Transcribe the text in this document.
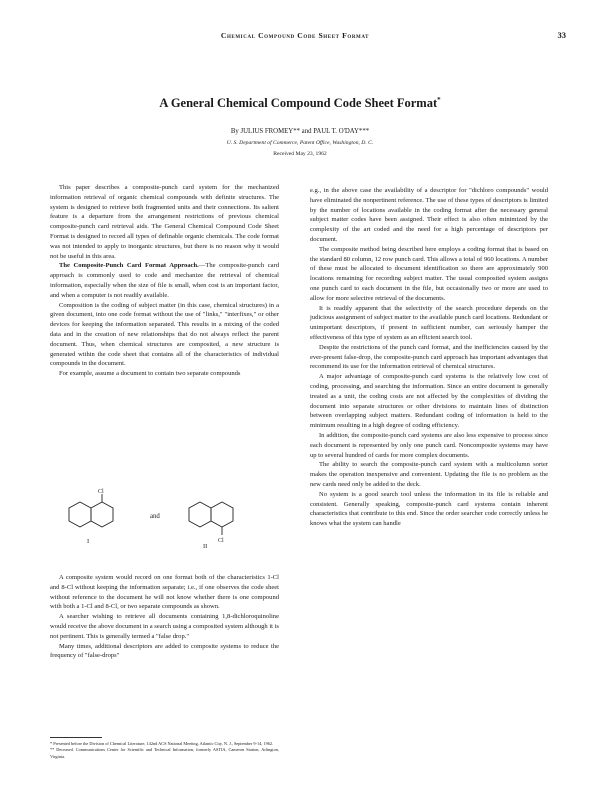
Chemical Compound Code Sheet Format	33
A General Chemical Compound Code Sheet Format*
By JULIUS FROMEY** and PAUL T. O'DAY***
U. S. Department of Commerce, Patent Office, Washington, D. C.
Received May 23, 1962

This paper describes a composite-punch card system for the mechanized information retrieval of organic chemical compounds with definite structures. The system is designed to retrieve both fragmented units and their connections. Its salient feature is a departure from the arrangement restrictions of previous chemical composite-punch card retrieval aids. The General Chemical Compound Code Sheet Format is designed to record all types of definable organic chemicals. The code format was not intended to apply to inorganic structures, but there is no reason why it would not be useful in this area.

The Composite-Punch Card Format Approach.—The composite-punch card approach is commonly used to code and mechanize the retrieval of chemical information, especially when the size of file is small, when cost is an important factor, and when a computer is not readily available.

Composition is the coding of subject matter (in this case, chemical structures) in a given document, into one code format without the use of "links," "interfixes," or other devices for keeping the information separated. This results in a mixing of the coded data and in the creation of new relationships that do not always reflect the parent document. Thus, when chemical structures are composited, a new structure is generated within the code sheet that contains all of the characteristics of individual compounds in the document.

For example, assume a document to contain two separate compounds

Cl
I
and
Cl
II

A composite system would record on one format both of the characteristics 1-Cl and 8-Cl without keeping the information separate; i.e., if one observes the code sheet without reference to the document he will not know whether there is one compound with both a 1-Cl and 8-Cl, or two separate compounds as shown.

A searcher wishing to retrieve all documents containing 1,8-dichloroquinoline would receive the above document in a search using a composited system although it is not pertinent. This is generally termed a "false drop."

Many times, additional descriptors are added to composite systems to reduce the frequency of "false-drops"

* Presented before the Division of Chemical Literature, 142nd ACS National Meeting, Atlantic City, N. J., September 9-14, 1962.

** Deceased. Communications Center for Scientific and Technical Information, formerly ASTIA, Cameron Station, Arlington, Virginia.

e.g., in the above case the availability of a descriptor for "dichloro compounds" would have eliminated the nonpertinent reference. The use of these types of descriptors is limited by the number of locations available in the coding format after the necessary general subject matter codes have been assigned. Their effect is also often minimized by the complexity of the art coded and the need for a high percentage of descriptors per document.

The composite method being described here employs a coding format that is based on the standard 80 column, 12 row punch card. This allows a total of 960 locations. A number of these must be allocated to document identification so there are approximately 900 locations remaining for recording subject matter. The usual composited system assigns one punch card to each document in the file, but occasionally two or more are used to allow for more selective retrieval of the documents.

It is readily apparent that the selectivity of the search procedure depends on the judicious assignment of subject matter to the available punch card locations. Redundant or unimportant descriptors, if present in sufficient number, can seriously hamper the effectiveness of this type of system as an efficient search tool.

Despite the restrictions of the punch card format, and the inefficiencies caused by the ever-present false-drop, the composite-punch card approach has important advantages that recommend its use for the information retrieval of chemical structures.

A major advantage of composite-punch card systems is the relatively low cost of coding, processing, and searching the information. Since an entire document is generally treated as a unit, the coding costs are not affected by the complexities of dividing the document into separate structures or other divisions to maintain lines of distinction between overlapping subject matters. Redundant coding of information is held to the minimum resulting in a high degree of coding efficiency.

In addition, the composite-punch card systems are also less expensive to process since each document is represented by only one punch card. Noncomposite systems may have up to several hundred of cards for more complex documents.

The ability to search the composite-punch card system with a multicolumn sorter makes the operation inexpensive and convenient. Updating the file is no problem as the new cards need only be added to the deck.

No system is a good search tool unless the information in its file is reliable and consistent. Generally speaking, composite-punch card systems contain inherent characteristics that contribute to this end. Since the order searcher code correctly unless he knows what the system can handle
